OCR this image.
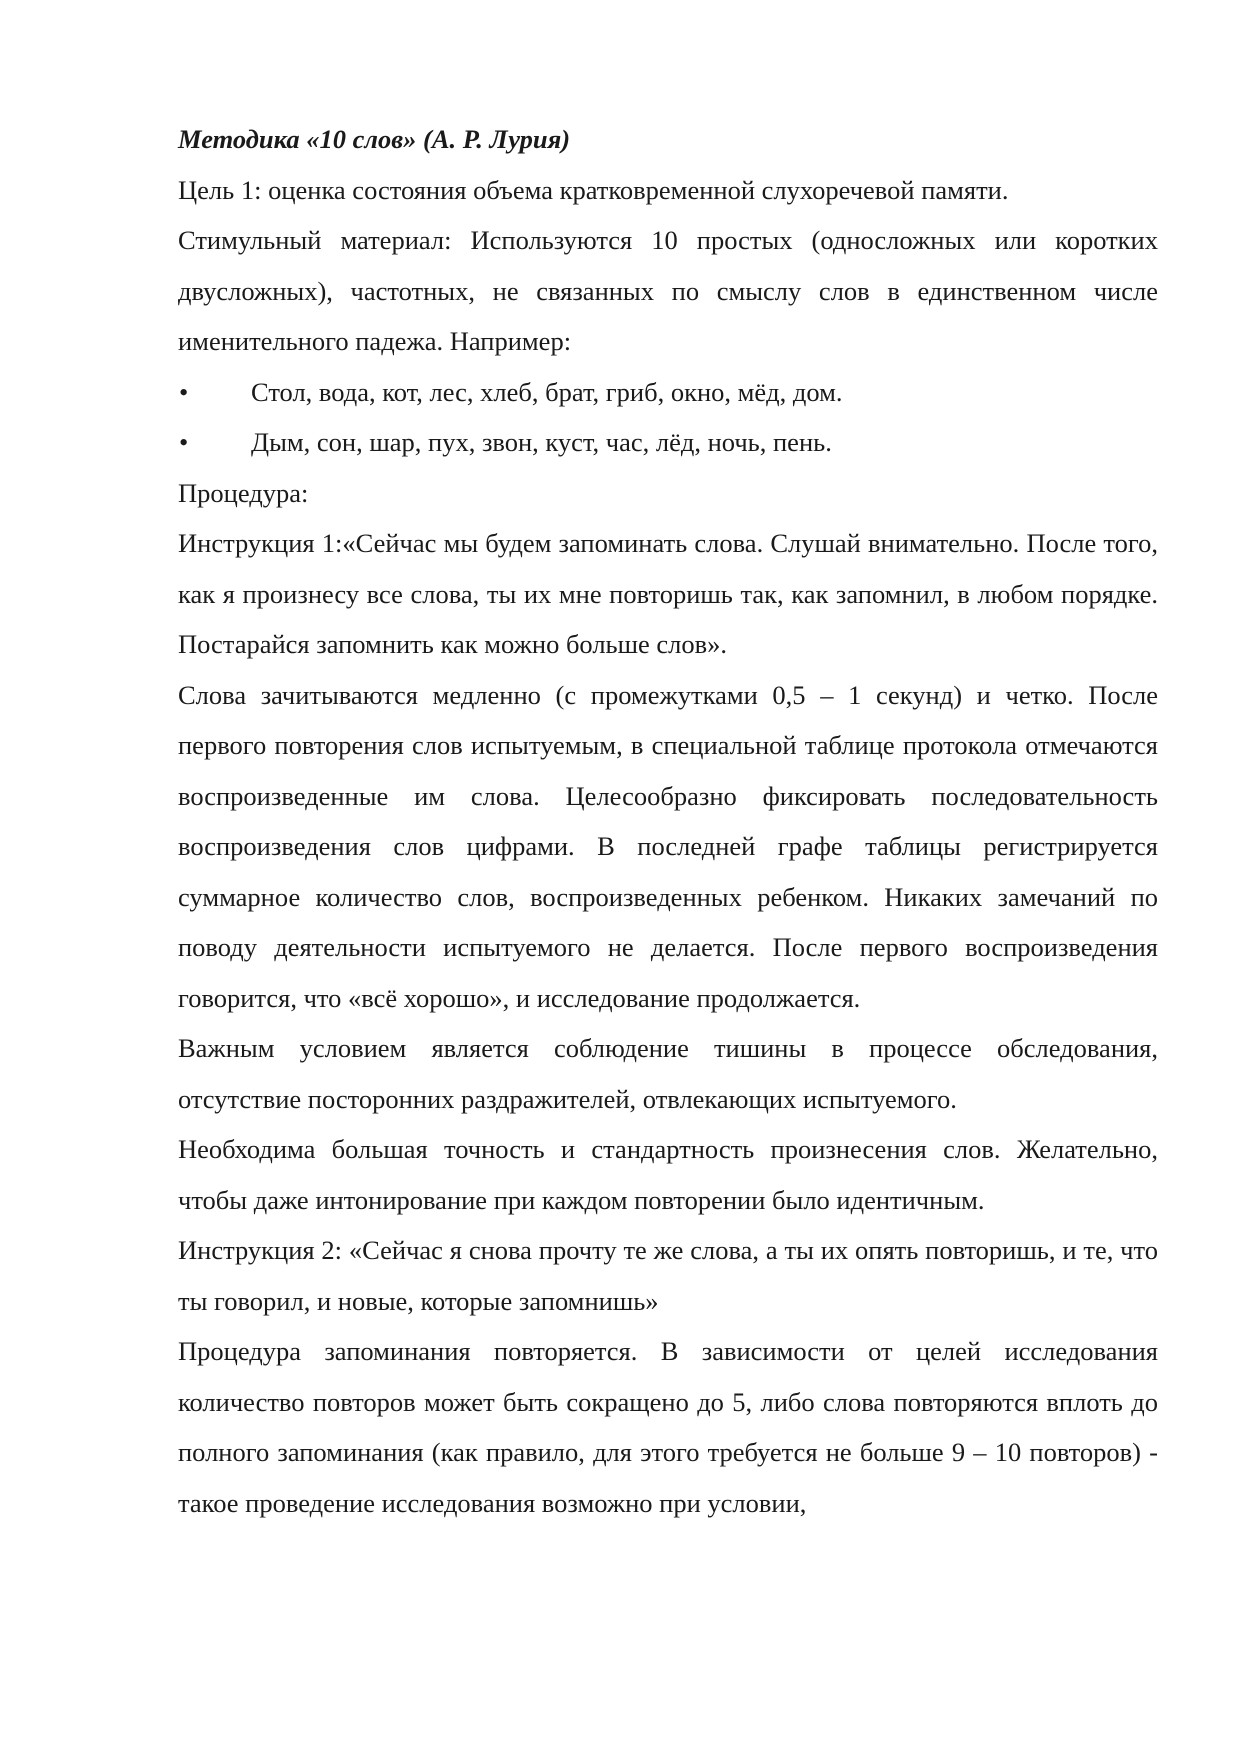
Методика «10 слов» (А. Р. Лурия)

Цель 1: оценка состояния объема кратковременной слухоречевой памяти.

Стимульный материал: Используются 10 простых (односложных или коротких двусложных), частотных, не связанных по смыслу слов в единственном числе именительного падежа. Например:

•	Стол, вода, кот, лес, хлеб, брат, гриб, окно, мёд, дом.
•	Дым, сон, шар, пух, звон, куст, час, лёд, ночь, пень.

Процедура:

Инструкция 1:«Сейчас мы будем запоминать слова. Слушай внимательно. После того, как я произнесу все слова, ты их мне повторишь так, как запомнил, в любом порядке. Постарайся запомнить как можно больше слов».

Слова зачитываются медленно (с промежутками 0,5 – 1 секунд) и четко. После первого повторения слов испытуемым, в специальной таблице протокола отмечаются воспроизведенные им слова. Целесообразно фиксировать последовательность воспроизведения слов цифрами. В последней графе таблицы регистрируется суммарное количество слов, воспроизведенных ребенком. Никаких замечаний по поводу деятельности испытуемого не делается. После первого воспроизведения говорится, что «всё хорошо», и исследование продолжается.

Важным условием является соблюдение тишины в процессе обследования, отсутствие посторонних раздражителей, отвлекающих испытуемого.

Необходима большая точность и стандартность произнесения слов. Желательно, чтобы даже интонирование при каждом повторении было идентичным.

Инструкция 2: «Сейчас я снова прочту те же слова, а ты их опять повторишь, и те, что ты говорил, и новые, которые запомнишь»

Процедура запоминания повторяется. В зависимости от целей исследования количество повторов может быть сокращено до 5, либо слова повторяются вплоть до полного запоминания (как правило, для этого требуется не больше 9 – 10 повторов) - такое проведение исследования возможно при условии,
